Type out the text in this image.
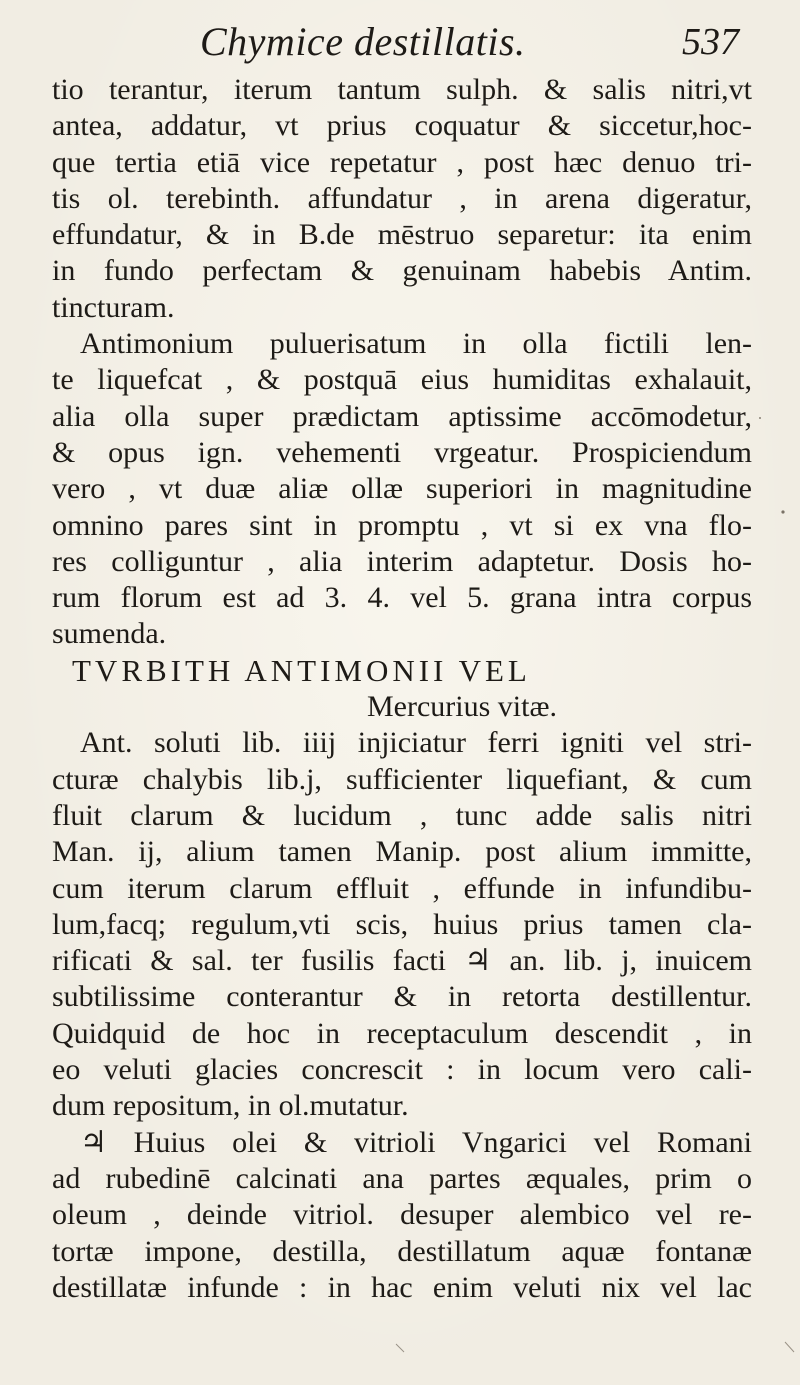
Chymice destillatis.	537
tio terantur, iterum tantum sulph. & salis nitri,vt
antea, addatur, vt prius coquatur & siccetur,hoc-
que tertia etiā vice repetatur , post hæc denuo tri-
tis ol. terebinth. affundatur , in arena digeratur,
effundatur, & in B.de mēstruo separetur: ita enim
in fundo perfectam & genuinam habebis Antim.
tincturam.
Antimonium puluerisatum in olla fictili len-
te liquefcat , & postquā eius humiditas exhalauit,
alia olla super prædictam aptissime accōmodetur,
& opus ign. vehementi vrgeatur. Prospiciendum
vero , vt duæ aliæ ollæ superiori in magnitudine
omnino pares sint in promptu , vt si ex vna flo-
res colliguntur , alia interim adaptetur. Dosis ho-
rum florum est ad 3. 4. vel 5. grana intra corpus
sumenda.
TVRBITH ANTIMONII VEL
Mercurius vitæ.
Ant. soluti lib. iiij injiciatur ferri igniti vel stri-
cturæ chalybis lib.j, sufficienter liquefiant, & cum
fluit clarum & lucidum , tunc adde salis nitri
Man. ij, alium tamen Manip. post alium immitte,
cum iterum clarum effluit , effunde in infundibu-
lum,facq; regulum,vti scis, huius prius tamen cla-
rificati & sal. ter fusilis facti ♃ an. lib. j, inuicem
subtilissime conterantur & in retorta destillentur.
Quidquid de hoc in receptaculum descendit , in
eo veluti glacies concrescit : in locum vero cali-
dum repositum, in ol.mutatur.
♃ Huius olei & vitrioli Vngarici vel Romani
ad rubedinē calcinati ana partes æquales, prim o
oleum , deinde vitriol. desuper alembico vel re-
tortæ impone, destilla, destillatum aquæ fontanæ
destillatæ infunde : in hac enim veluti nix vel lac
